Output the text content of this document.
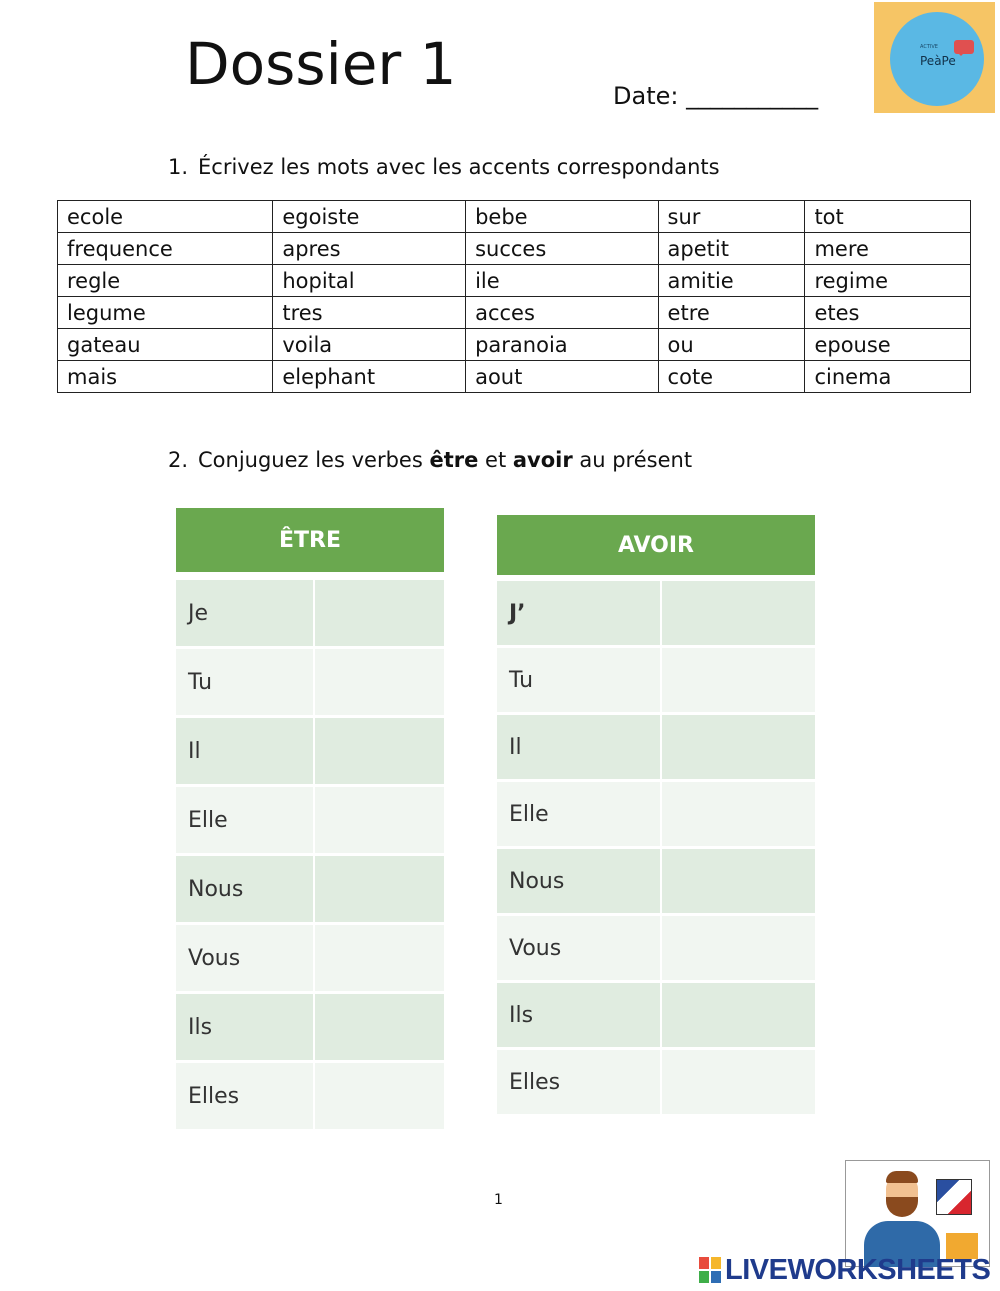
Dossier 1	Date: ___________
ACTIVE
PeàPe
1. Écrivez les mots avec les accents correspondants
ecole	egoiste	bebe	sur	tot
frequence	apres	succes	apetit	mere
regle	hopital	ile	amitie	regime
legume	tres	acces	etre	etes
gateau	voila	paranoia	ou	epouse
mais	elephant	aout	cote	cinema
2. Conjuguez les verbes être et avoir au présent
ÊTRE	
Je	
Tu	
Il	
Elle	
Nous	
Vous	
Ils	
Elles	
AVOIR	
J’	
Tu	
Il	
Elle	
Nous	
Vous	
Ils	
Elles	
1
LIVEWORKSHEETS
